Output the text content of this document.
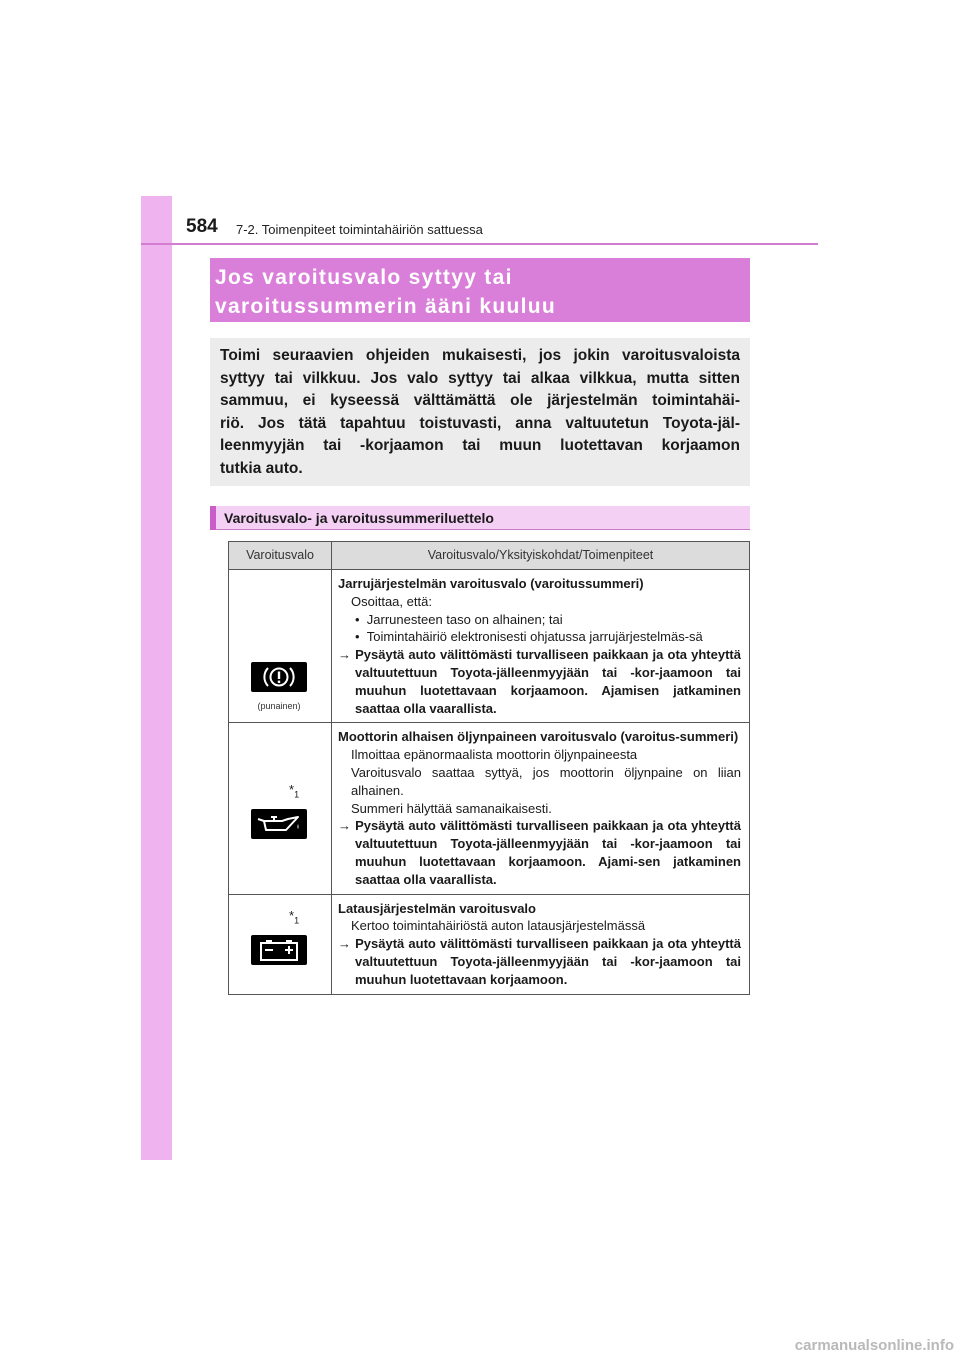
584 7-2. Toimenpiteet toimintahäiriön sattuessa
Jos varoitusvalo syttyy tai
varoitussummerin ääni kuuluu
Toimi seuraavien ohjeiden mukaisesti, jos jokin varoitusvaloista
syttyy tai vilkkuu. Jos valo syttyy tai alkaa vilkkua, mutta sitten
sammuu, ei kyseessä välttämättä ole järjestelmän toimintahäi-
riö. Jos tätä tapahtuu toistuvasti, anna valtuutetun Toyota-jäl-
leenmyyjän tai -korjaamon tai muun luotettavan korjaamon
tutkia auto.
Varoitusvalo- ja varoitussummeriluettelo
Varoitusvalo	Varoitusvalo/Yksityiskohdat/Toimenpiteet

(punainen)	Jarrujärjestelmän varoitusvalo (varoitussummeri)
Osoittaa, että:
• Jarrunesteen taso on alhainen; tai
• Toimintahäiriö elektronisesti ohjatussa jarrujärjestelmäs-sä
→ Pysäytä auto välittömästi turvalliseen paikkaan ja ota yhteyttä valtuutettuun Toyota-jälleenmyyjään tai -kor-jaamoon tai muuhun luotettavaan korjaamoon. Ajamisen jatkaminen saattaa olla vaarallista.

$*_1$	Moottorin alhaisen öljynpaineen varoitusvalo (varoitus-summeri)
Ilmoittaa epänormaalista moottorin öljynpaineesta
Varoitusvalo saattaa syttyä, jos moottorin öljynpaine on liian alhainen.
Summeri hälyttää samanaikaisesti.
→ Pysäytä auto välittömästi turvalliseen paikkaan ja ota yhteyttä valtuutettuun Toyota-jälleenmyyjään tai -kor-jaamoon tai muuhun luotettavaan korjaamoon. Ajami-sen jatkaminen saattaa olla vaarallista.

$*_1$	Latausjärjestelmän varoitusvalo
Kertoo toimintahäiriöstä auton latausjärjestelmässä
→ Pysäytä auto välittömästi turvalliseen paikkaan ja ota yhteyttä valtuutettuun Toyota-jälleenmyyjään tai -kor-jaamoon tai muuhun luotettavaan korjaamoon.
carmanualsonline.info
